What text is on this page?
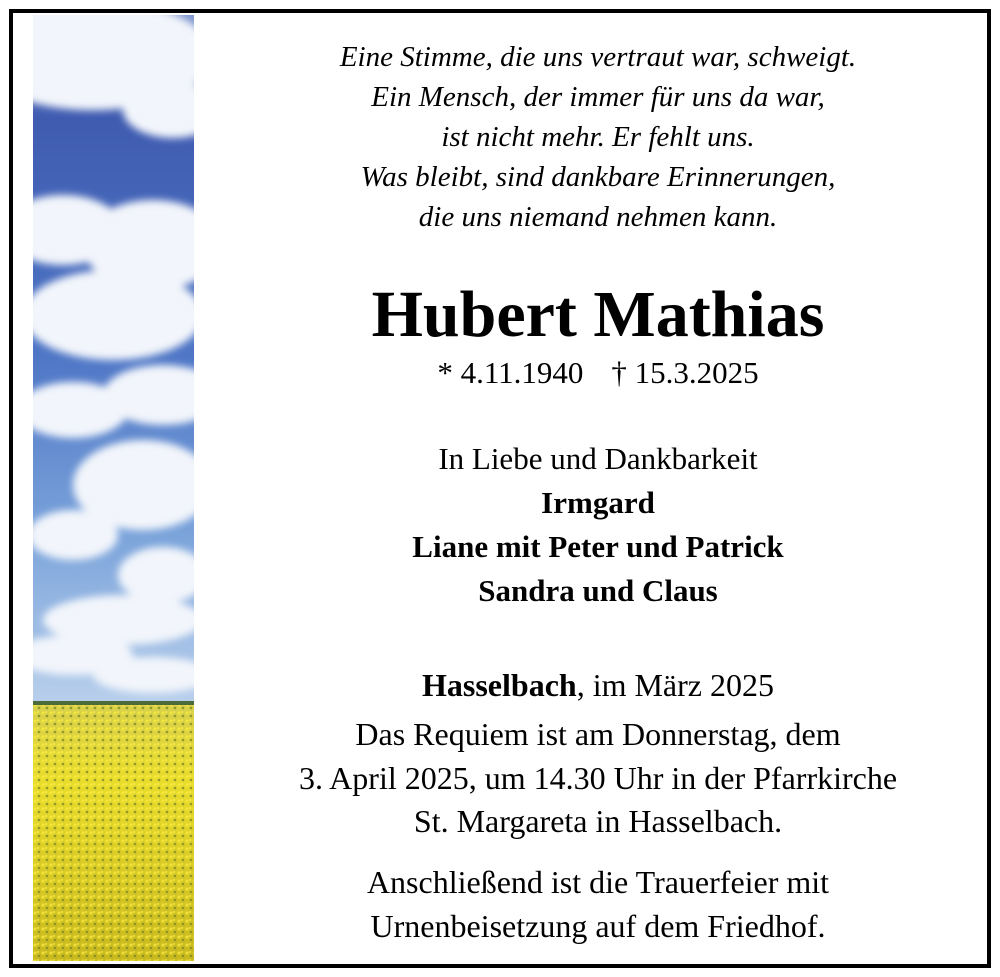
Eine Stimme, die uns vertraut war, schweigt.
Ein Mensch, der immer für uns da war,
ist nicht mehr. Er fehlt uns.
Was bleibt, sind dankbare Erinnerungen,
die uns niemand nehmen kann.
Hubert Mathias
* 4.11.1940 † 15.3.2025
In Liebe und Dankbarkeit
Irmgard
Liane mit Peter und Patrick
Sandra und Claus
Hasselbach, im März 2025
Das Requiem ist am Donnerstag, dem
3. April 2025, um 14.30 Uhr in der Pfarrkirche
St. Margareta in Hasselbach.
Anschließend ist die Trauerfeier mit
Urnenbeisetzung auf dem Friedhof.
